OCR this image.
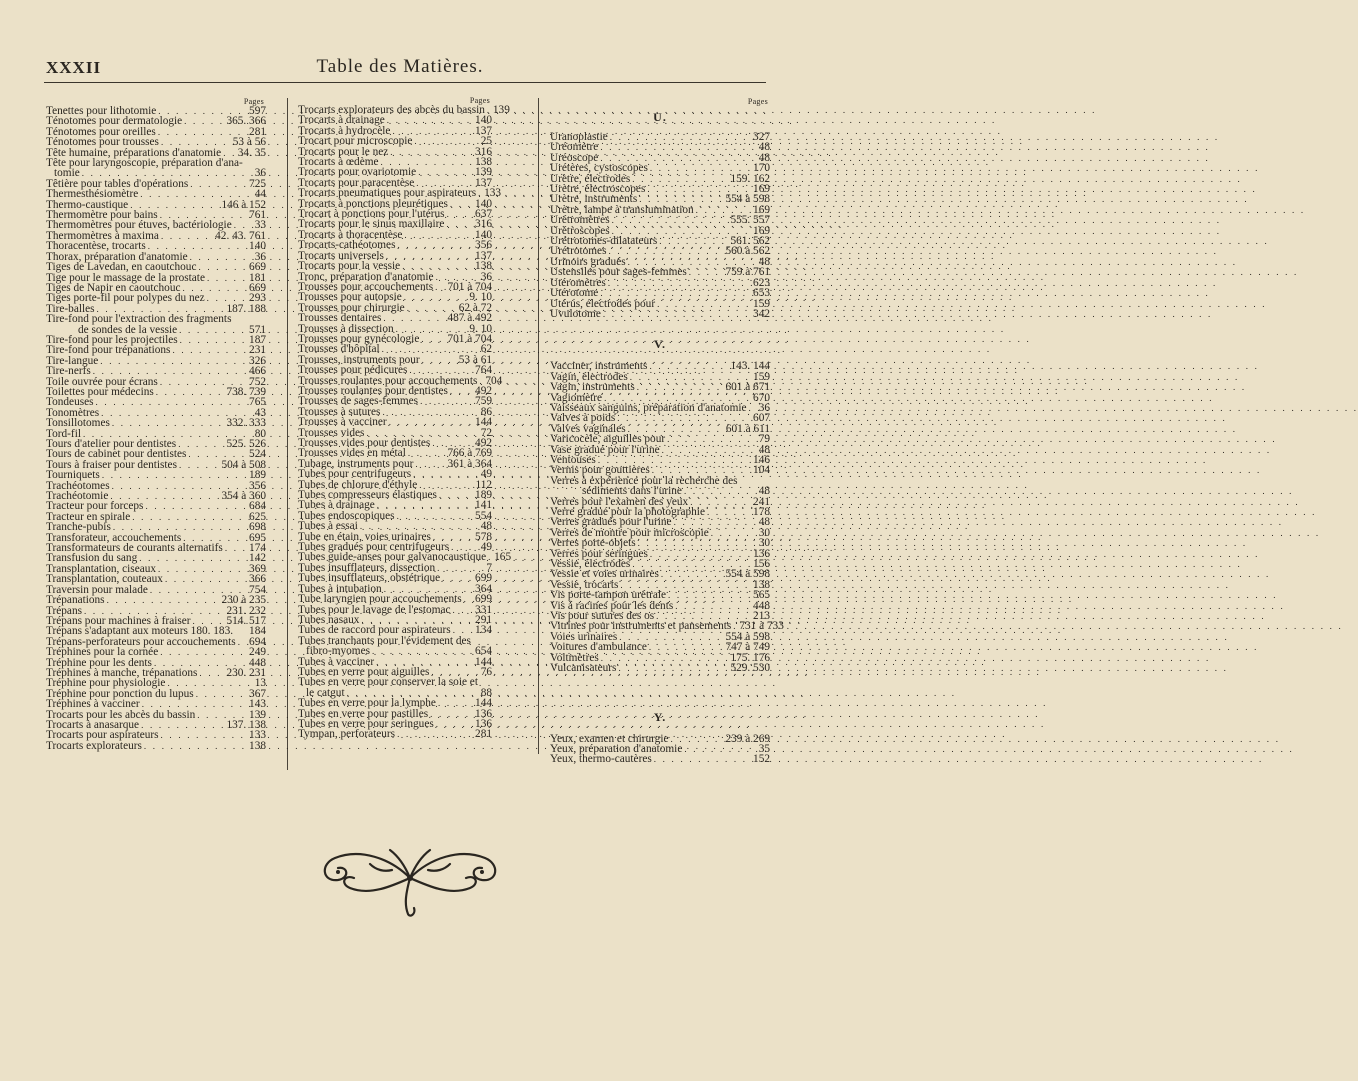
XXXII	Table des Matières.
Pages
Tenettes pour lithotomie . . .	597
Ténotomes pour dermatologie . . .	365. 366
Ténotomes pour oreilles . . .	281
Ténotomes pour trousses . . .	53 à 56
Tête humaine, préparations d'anatomie . . . 34. 35
Tête pour laryngoscopie, préparation d'ana-
tomie . . .	36
Têtière pour tables d'opérations . . .	725
Thermesthésiomètre . . .	44
Thermo-caustique . . .	146 à 152
Thermomètre pour bains . . .	761
Thermomètres pour étuves, bactériologie . . . 33
Thermomètres à maxima . . .	42. 43. 761
Thoracentèse, trocarts . . .	140
Thorax, préparation d'anatomie . . .	36
Tiges de Lavedan, en caoutchouc . . .	669
Tige pour le massage de la prostate . . .	181
Tiges de Napir en caoutchouc . . .	669
Tiges porte-fil pour polypes du nez . . .	293
Tire-balles . . .	187. 188
Tire-fond pour l'extraction des fragments
de sondes de la vessie . . .	571
Tire-fond pour les projectiles . . .	187
Tire-fond pour trépanations . . .	231
Tire-langue . . .	326
Tire-nerfs . . .	466
Toile ouvrée pour écrans . . .	752
Toilettes pour médecins . . .	738. 739
Tondeuses . . .	765
Tonomètres . . .	43
Tonsillotomes . . .	332. 333
Tord-fil . . .	80
Tours d'atelier pour dentistes . . .	525. 526
Tours de cabinet pour dentistes . . .	524
Tours à fraiser pour dentistes . . .	504 à 508
Tourniquets . . .	189
Trachéotomes . . .	356
Trachéotomie . . .	354 à 360
Tracteur pour forceps . . .	684
Tracteur en spirale . . .	625
Tranche-pubis . . .	698
Transforateur, accouchements . . .	695
Transformateurs de courants alternatifs . . . 174
Transfusion du sang . . .	142
Transplantation, ciseaux . . .	369
Transplantation, couteaux . . .	366
Traversin pour malade . . .	754
Trépanations . . .	230 à 235
Trépans . . .	231. 232
Trépans pour machines à fraiser . . .	514. 517
Trépans s'adaptant aux moteurs 180. 183. 184
Trépans-perforateurs pour accouchements . . . 694
Tréphines pour la cornée . . .	249
Tréphine pour les dents . . .	448
Tréphines à manche, trépanations . . .	230. 231
Tréphine pour physiologie . . .	13
Tréphine pour ponction du lupus . . .	367
Tréphines à vacciner . . .	143
Trocarts pour les abcès du bassin . . .	139
Trocarts à anasarque . . .	137. 138
Trocarts pour aspirateurs . . .	133
Trocarts explorateurs . . .	138
Pages
Trocarts explorateurs des abcès du bassin . . . 139
Trocarts à drainage . . .	140
Trocarts à hydrocèle . . .	137
Trocart pour microscopie . . .	25
Trocarts pour le nez . . .	316
Trocarts à œdème . . .	138
Trocarts pour ovariotomie . . .	139
Trocarts pour paracentèse . . .	137
Trocarts pneumatiques pour aspirateurs . . . 133
Trocarts à ponctions pleurétiques . . . 140
Trocart à ponctions pour l'utérus . . .	637
Trocarts pour le sinus maxillaire . . .	316
Trocarts à thoracentèse . . .	140
Trocarts-cathéotomes . . .	356
Trocarts universels . . .	137
Trocarts pour la vessie . . .	138
Tronc, préparation d'anatomie . . .	36
Trousses pour accouchements . . . 701 à 704
Trousses pour autopsie . . .	9. 10
Trousses pour chirurgie . . .	62 à 72
Trousses dentaires . . .	487 à 492
Trousses à dissection . . .	9. 10
Trousses pour gynécologie . . . 701 à 704
Trousses d'hôpital . . .	62
Trousses, instruments pour . . .	53 à 61
Trousses pour pédicures . . .	764
Trousses roulantes pour accouchements . . . 704
Trousses roulantes pour dentistes . . . 492
Trousses de sages-femmes . . .	759
Trousses à sutures . . .	86
Trousses à vacciner . . .	144
Trousses vides . . .	72
Trousses vides pour dentistes . . .	492
Trousses vides en métal . . .	766 à 769
Tubage, instruments pour . . .	361 à 364
Tubes pour centrifugeurs . . .	49
Tubes de chlorure d'éthyle . . .	112
Tubes compresseurs élastiques . . .	189
Tubes à drainage . . .	141
Tubes endoscopiques . . .	554
Tubes à essai . . .	48
Tube en étain, voies urinaires . . .	578
Tubes gradués pour centrifugeurs . . .	49
Tubes guide-anses pour galvanocaustique . . . 165
Tubes insufflateurs, dissection . . .	7
Tubes insufflateurs, obstétrique . . .	699
Tubes à intubation . . .	364
Tube laryngien pour accouchements . . . 699
Tubes pour le lavage de l'estomac . . . 331
Tubes nasaux . . .	291
Tubes de raccord pour aspirateurs . . . 134
Tubes tranchants pour l'évidement des
fibro-myomes . . .	654
Tubes à vacciner . . .	144
Tubes en verre pour aiguilles . . .	76
Tubes en verre pour conserver la soie et
le catgut . . .	88
Tubes en verre pour la lymphe . . .	144
Tubes en verre pour pastilles . . .	136
Tubes en verre pour seringues . . .	136
Tympan, perforateurs . . .	281
Pages
U.
Uranoplastie . . .	327
Uréomètre . . .	48
Uréoscope . . .	48
Urétères, cystoscopes . . .	170
Urètre, électrodes . . .	159. 162
Urètre, électroscopes . . .	169
Urètre, instruments . . .	554 à 598
Urètre, lampe à translumination . . .	169
Urétromètres . . .	555. 557
Urétroscopes . . .	169
Urétrotomes-dilatateurs . . .	561. 562
Urétrotomes . . .	560 à 562
Urinoirs gradués . . .	48
Ustensiles pour sages-femmes . . .	759 à 761
Utéromètres . . .	623
Utérotome . . .	653
Utérus, électrodes pour . . .	159
Uvulotome . . .	342
V.
Vacciner, instruments . . .	143. 144
Vagin, électrodes . . .	159
Vagin, instruments . . .	601 à 671
Vagiomètre . . .	670
Vaisseaux sanguins, préparation d'anatomie . . . 36
Valves à poids . . .	607
Valves vaginales . . .	601 à 611
Varicocèle, aiguilles pour . . .	79
Vase gradué pour l'urine . . .	48
Ventouses . . .	146
Vernis pour gouttières . . .	104
Verres à expérience pour la recherche des
sédiments dans l'urine . . .	48
Verres pour l'examen des yeux . . .	241
Verre gradué pour la photographie . . .	178
Verres gradués pour l'urine . . .	48
Verres de montre pour microscopie . . .	30
Verres porte-objets . . .	30
Verres pour seringues . . .	136
Vessie, électrodes . . .	156
Vessie et voies urinaires . . .	554 à 598
Vessie, trocarts . . .	138
Vis porte-tampon urétrale . . .	565
Vis à racines pour les dents . . .	448
Vis pour sutures des os . . .	213
Vitrines pour instruments et pansements . . . 731 à 733
Voies urinaires . . .	554 à 598
Voitures d'ambulance . . .	747 à 749
Voltmètres . . .	175. 176
Vulcanisateurs . . .	529. 530
Y.
Yeux, examen et chirurgie . . .	239 à 269
Yeux, préparation d'anatomie . . .	35
Yeux, thermo-cautères . . .	152
